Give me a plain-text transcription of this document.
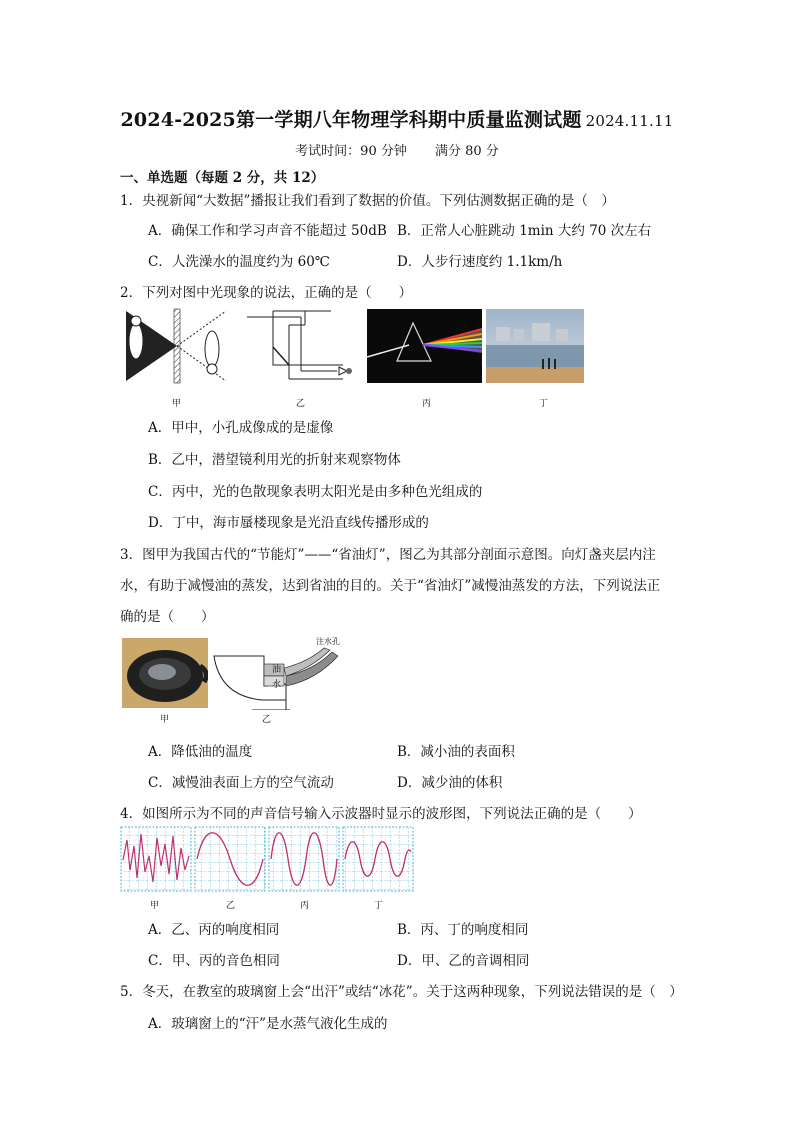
2024-2025第一学期八年物理学科期中质量监测试题 2024.11.11
考试时间：90 分钟 满分 80 分
一、单选题（每题 2 分，共 12）
1．央视新闻“大数据”播报让我们看到了数据的价值。下列估测数据正确的是（　）
A．确保工作和学习声音不能超过 50dB B．正常人心脏跳动 1min 大约 70 次左右
C．人洗澡水的温度约为 60℃	D．人步行速度约 1.1km/h
2．下列对图中光现象的说法，正确的是（　　）
甲	乙	丙	丁
A．甲中，小孔成像成的是虚像
B．乙中，潜望镜利用光的折射来观察物体
C．丙中，光的色散现象表明太阳光是由多种色光组成的
D．丁中，海市蜃楼现象是光沿直线传播形成的
3．图甲为我国古代的“节能灯”——“省油灯”，图乙为其部分剖面示意图。向灯盏夹层内注
水，有助于减慢油的蒸发，达到省油的目的。关于“省油灯”减慢油蒸发的方法，下列说法正
确的是（　　）
甲
油
水
注水孔
乙
A．降低油的温度	B．减小油的表面积
C．减慢油表面上方的空气流动	D．减少油的体积
4．如图所示为不同的声音信号输入示波器时显示的波形图，下列说法正确的是（　　）
甲	乙	丙	丁
A．乙、丙的响度相同	B．丙、丁的响度相同
C．甲、丙的音色相同	D．甲、乙的音调相同
5．冬天，在教室的玻璃窗上会“出汗”或结“冰花”。关于这两种现象，下列说法错误的是（　）
A．玻璃窗上的“汗”是水蒸气液化生成的
